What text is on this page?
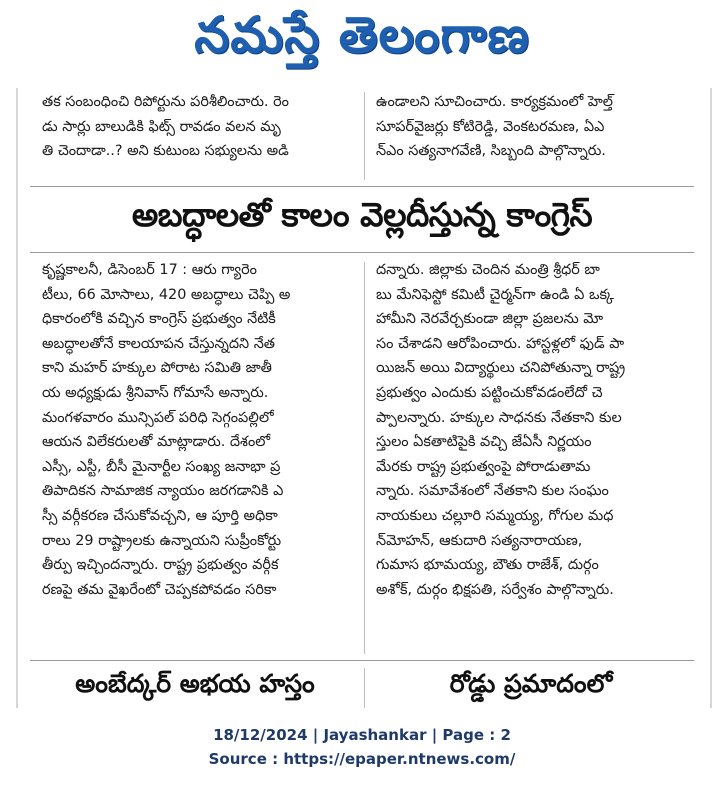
నమస్తే తెలంగాణ

తక సంబంధించి రిపోర్టును పరిశీలించారు. రెం

డు సార్లు బాలుడికి ఫిట్స్ రావడం వలన మృ

తి చెందాడా..? అని కుటుంబ సభ్యులను అడి

ఉండాలని సూచించారు. కార్యక్రమంలో హెల్త్

సూపర్‌వైజర్లు కోటిరెడ్డి, వెంకటరమణ, ఏఎ

న్‌ఎం సత్యనాగవేణి, సిబ్బంది పాల్గొన్నారు.

అబద్ధాలతో కాలం వెల్లదీస్తున్న కాంగ్రెస్

కృష్ణకాలనీ, డిసెంబర్ 17 : ఆరు గ్యారెం

టీలు, 66 మోసాలు, 420 అబద్ధాలు చెప్పి అ

ధికారంలోకి వచ్చిన కాంగ్రెస్ ప్రభుత్వం నేటికీ

అబద్ధాలతోనే కాలయాపన చేస్తున్నదని నేత

కాని మహర్ హక్కుల పోరాట సమితి జాతీ

య అధ్యక్షుడు శ్రీనివాస్ గోమాసే అన్నారు.

మంగళవారం మున్సిపల్ పరిధి సెగ్గంపల్లిలో

ఆయన విలేకరులతో మాట్లాడారు. దేశంలో

ఎస్సీ, ఎస్టీ, బీసీ మైనార్టీల సంఖ్య జనాభా ప్ర

తిపాదికన సామాజిక న్యాయం జరగడానికి ఎ

స్సీ వర్గీకరణ చేసుకోవచ్చని, ఆ పూర్తి అధికా

రాలు 29 రాష్ట్రాలకు ఉన్నాయని సుప్రీంకోర్టు

తీర్పు ఇచ్చిందన్నారు. రాష్ట్ర ప్రభుత్వం వర్గీక

రణపై తమ వైఖరేంటో చెప్పకపోవడం సరికా

దన్నారు. జిల్లాకు చెందిన మంత్రి శ్రీధర్ బా

బు మేనిఫెస్టో కమిటీ చైర్మన్‌గా ఉండి ఏ ఒక్క

హామీని నెరవేర్చకుండా జిల్లా ప్రజలను మో

సం చేశాడని ఆరోపించారు. హాస్టళ్లలో ఫుడ్ పా

యిజన్ అయి విద్యార్థులు చనిపోతున్నా రాష్ట్ర

ప్రభుత్వం ఎందుకు పట్టించుకోవడంలేదో చె

ప్పాలన్నారు. హక్కుల సాధనకు నేతకాని కుల

స్తులం ఏకతాటిపైకి వచ్చి జేఏసీ నిర్ణయం

మేరకు రాష్ట్ర ప్రభుత్వంపై పోరాడుతామ

న్నారు. సమావేశంలో నేతకాని కుల సంఘం

నాయకులు చల్లూరి సమ్మయ్య, గోగుల మధ

న్‌మోహన్, ఆకుదారి సత్యనారాయణ,

గుమాస భూమయ్య, బౌతు రాజేశ్, దుర్గం

అశోక్, దుర్గం భిక్షపతి, సర్వేశం పాల్గొన్నారు.

అంబేద్కర్ అభయ హస్తం	రోడ్డు ప్రమాదంలో
18/12/2024 | Jayashankar | Page : 2
Source : https://epaper.ntnews.com/
